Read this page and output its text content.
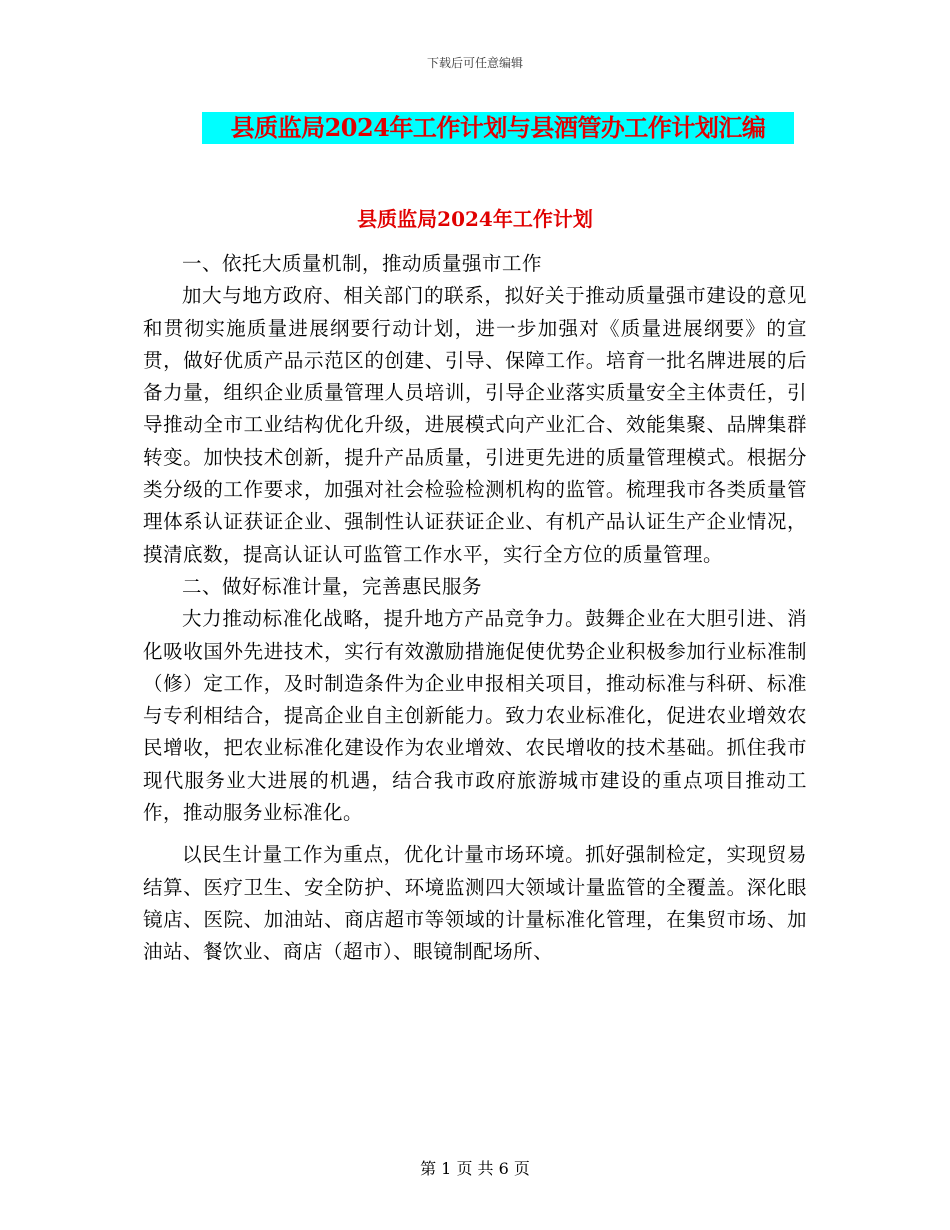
下载后可任意编辑
县质监局2024年工作计划与县酒管办工作计划汇编
县质监局2024年工作计划

一、依托大质量机制，推动质量强市工作

加大与地方政府、相关部门的联系，拟好关于推动质量强市建设的意见和贯彻实施质量进展纲要行动计划，进一步加强对《质量进展纲要》的宣贯，做好优质产品示范区的创建、引导、保障工作。培育一批名牌进展的后备力量，组织企业质量管理人员培训，引导企业落实质量安全主体责任，引导推动全市工业结构优化升级，进展模式向产业汇合、效能集聚、品牌集群转变。加快技术创新，提升产品质量，引进更先进的质量管理模式。根据分类分级的工作要求，加强对社会检验检测机构的监管。梳理我市各类质量管理体系认证获证企业、强制性认证获证企业、有机产品认证生产企业情况，摸清底数，提高认证认可监管工作水平，实行全方位的质量管理。

二、做好标准计量，完善惠民服务

大力推动标准化战略，提升地方产品竞争力。鼓舞企业在大胆引进、消化吸收国外先进技术，实行有效激励措施促使优势企业积极参加行业标准制（修）定工作，及时制造条件为企业申报相关项目，推动标准与科研、标准与专利相结合，提高企业自主创新能力。致力农业标准化，促进农业增效农民增收，把农业标准化建设作为农业增效、农民增收的技术基础。抓住我市现代服务业大进展的机遇，结合我市政府旅游城市建设的重点项目推动工作，推动服务业标准化。

以民生计量工作为重点，优化计量市场环境。抓好强制检定，实现贸易结算、医疗卫生、安全防护、环境监测四大领域计量监管的全覆盖。深化眼镜店、医院、加油站、商店超市等领域的计量标准化管理，在集贸市场、加油站、餐饮业、商店（超市）、眼镜制配场所、

第 1 页 共 6 页
